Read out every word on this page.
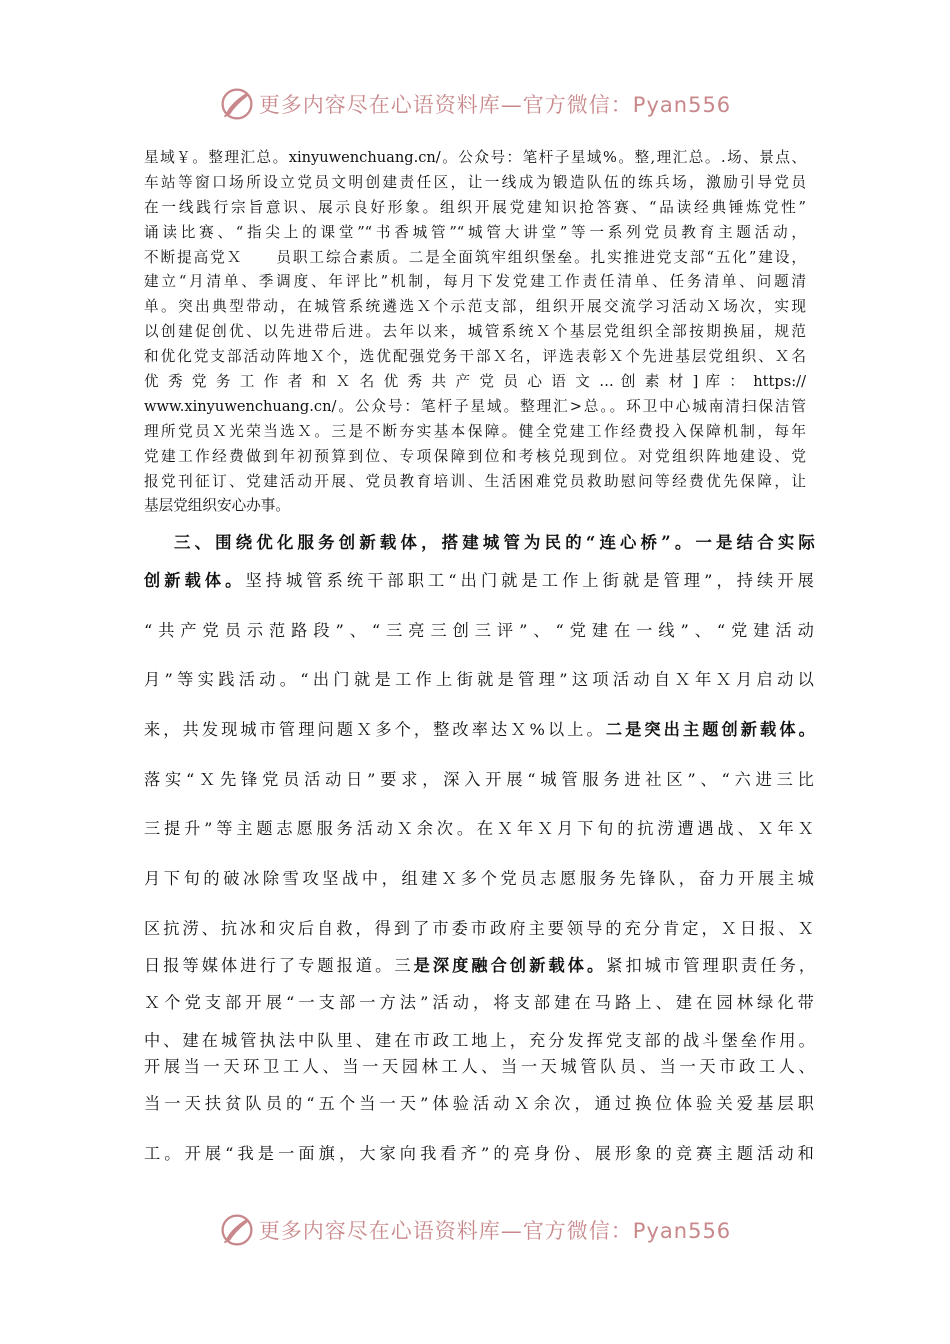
更多内容尽在心语资料库—官方微信：Pyan556
星域￥。整理汇总。xinyuwenchuang.cn/。公众号：笔杆子星域%。整,理汇总。.场、景点、
车站等窗口场所设立党员文明创建责任区，让一线成为锻造队伍的练兵场，激励引导党员
在一线践行宗旨意识、展示良好形象。组织开展党建知识抢答赛、“品读经典锤炼党性”
诵读比赛、“指尖上的课堂”“书香城管”“城管大讲堂”等一系列党员教育主题活动，
不断提高党Ｘ　　员职工综合素质。二是全面筑牢组织堡垒。扎实推进党支部“五化”建设，
建立“月清单、季调度、年评比”机制，每月下发党建工作责任清单、任务清单、问题清
单。突出典型带动，在城管系统遴选Ｘ个示范支部，组织开展交流学习活动Ｘ场次，实现
以创建促创优、以先进带后进。去年以来，城管系统Ｘ个基层党组织全部按期换届，规范
和优化党支部活动阵地Ｘ个，选优配强党务干部Ｘ名，评选表彰Ｘ个先进基层党组织、Ｘ名
优 秀 党 务 工 作 者 和 Ｘ 名 优 秀 共 产 党 员 心 语 文 … 创 素 材 ] 库 ： https://
www.xinyuwenchuang.cn/。公众号：笔杆子星域。整理汇>总。。环卫中心城南清扫保洁管
理所党员Ｘ光荣当选Ｘ。三是不断夯实基本保障。健全党建工作经费投入保障机制，每年
党建工作经费做到年初预算到位、专项保障到位和考核兑现到位。对党组织阵地建设、党
报党刊征订、党建活动开展、党员教育培训、生活困难党员救助慰问等经费优先保障，让
基层党组织安心办事。
三、围绕优化服务创新载体，搭建城管为民的“连心桥”。一是结合实际
创新载体。坚持城管系统干部职工“出门就是工作上街就是管理”，持续开展
“共产党员示范路段”、“三亮三创三评”、“党建在一线”、“党建活动
月”等实践活动。“出门就是工作上街就是管理”这项活动自Ｘ年Ｘ月启动以
来，共发现城市管理问题Ｘ多个，整改率达Ｘ%以上。二是突出主题创新载体。
落实“Ｘ先锋党员活动日”要求，深入开展“城管服务进社区”、“六进三比
三提升”等主题志愿服务活动Ｘ余次。在Ｘ年Ｘ月下旬的抗涝遭遇战、Ｘ年Ｘ
月下旬的破冰除雪攻坚战中，组建Ｘ多个党员志愿服务先锋队，奋力开展主城
区抗涝、抗冰和灾后自救，得到了市委市政府主要领导的充分肯定，Ｘ日报、Ｘ
日报等媒体进行了专题报道。三是深度融合创新载体。紧扣城市管理职责任务，
Ｘ个党支部开展“一支部一方法”活动，将支部建在马路上、建在园林绿化带
中、建在城管执法中队里、建在市政工地上，充分发挥党支部的战斗堡垒作用。
开展当一天环卫工人、当一天园林工人、当一天城管队员、当一天市政工人、
当一天扶贫队员的“五个当一天”体验活动Ｘ余次，通过换位体验关爱基层职
工。开展“我是一面旗，大家向我看齐”的亮身份、展形象的竞赛主题活动和
更多内容尽在心语资料库—官方微信：Pyan556
